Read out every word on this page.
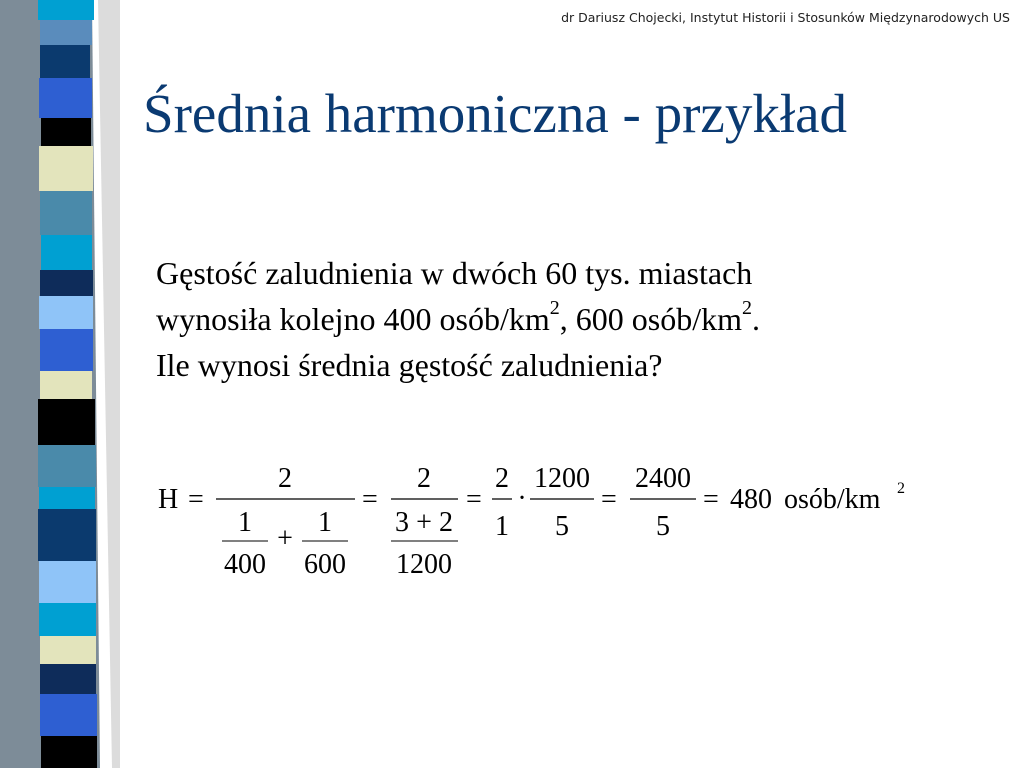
dr Dariusz Chojecki, Instytut Historii i Stosunków Międzynarodowych US
Średnia harmoniczna - przykład
Gęstość zaludnienia w dwóch 60 tys. miastach
wynosiła kolejno 400 osób/$km^2$, 600 osób/$km^2$.
Ile wynosi średnia gęstość zaludnienia?
H =
2
1
400
+
1
600
=
2
3 + 2
1200
=
2
1
·
1200
5
=
2400
5
= 480 osób/km 2
